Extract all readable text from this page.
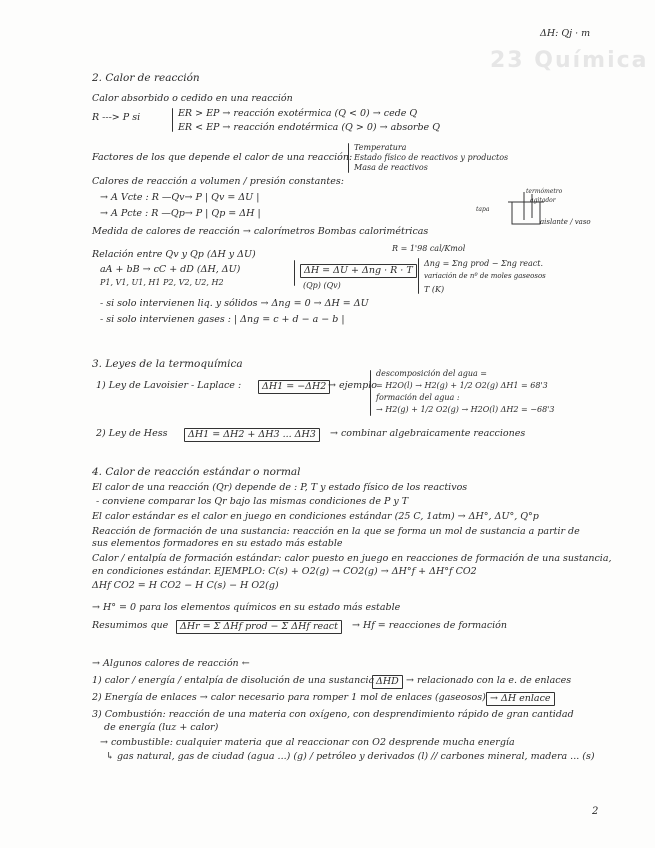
23 Química
ΔH: Qj · m
2. Calor de reacción
Calor absorbido o cedido en una reacción
R ---> P si	ER > EP → reacción exotérmica (Q < 0) → cede Q
ER < EP → reacción endotérmica (Q > 0) → absorbe Q
Factores de los que depende el calor de una reacción:
Temperatura
Estado físico de reactivos y productos
Masa de reactivos
Calores de reacción a volumen / presión constantes:
→ A Vcte : R —Qv→ P | Qv = ΔU |
→ A Pcte : R —Qp→ P | Qp = ΔH |
termómetro
agitador
tapa
aislante / vaso
Medida de calores de reacción → calorímetros Bombas calorimétricas
R = 1'98 cal/Kmol
Relación entre Qv y Qp (ΔH y ΔU)
aA + bB → cC + dD (ΔH, ΔU)
P1, V1, U1, H1 P2, V2, U2, H2
ΔH = ΔU + Δng · R · T
(Qp) (Qv)
Δng = Σng prod − Σng react.
variación de nº de moles gaseosos
T (K)
- si solo intervienen liq. y sólidos → Δng = 0 → ΔH = ΔU
- si solo intervienen gases : | Δng = c + d − a − b |
3. Leyes de la termoquímica
1) Ley de Lavoisier - Laplace :	ΔH1 = −ΔH2 → ejemplo
descomposición del agua =
= H2O(l) → H2(g) + 1/2 O2(g) ΔH1 = 68'3
formación del agua :
→ H2(g) + 1/2 O2(g) → H2O(l) ΔH2 = −68'3
2) Ley de Hess	ΔH1 = ΔH2 + ΔH3 ... ΔH3	→ combinar algebraicamente reacciones
4. Calor de reacción estándar o normal
El calor de una reacción (Qr) depende de : P, T y estado físico de los reactivos
- conviene comparar los Qr bajo las mismas condiciones de P y T
El calor estándar es el calor en juego en condiciones estándar (25 C, 1atm) → ΔH°, ΔU°, Q°p
Reacción de formación de una sustancia: reacción en la que se forma un mol de sustancia a partir de
sus elementos formadores en su estado más estable
Calor / entalpía de formación estándar: calor puesto en juego en reacciones de formación de una sustancia,
en condiciones estándar. EJEMPLO: C(s) + O2(g) → CO2(g) → ΔH°f + ΔH°f CO2
ΔHf CO2 = H CO2 − H C(s) − H O2(g)
→ H° = 0 para los elementos químicos en su estado más estable
Resumimos que	ΔHr = Σ ΔHf prod − Σ ΔHf react	→ Hf = reacciones de formación
→ Algunos calores de reacción ←
1) calor / energía / entalpía de disolución de una sustancia ΔHD → relacionado con la e. de enlaces
2) Energía de enlaces → calor necesario para romper 1 mol de enlaces (gaseosos) → ΔH enlace
3) Combustión: reacción de una materia con oxígeno, con desprendimiento rápido de gran cantidad
de energía (luz + calor)
→ combustible: cualquier materia que al reaccionar con O2 desprende mucha energía
↳ gas natural, gas de ciudad (agua ...) (g) / petróleo y derivados (l) // carbones mineral, madera ... (s)
2
